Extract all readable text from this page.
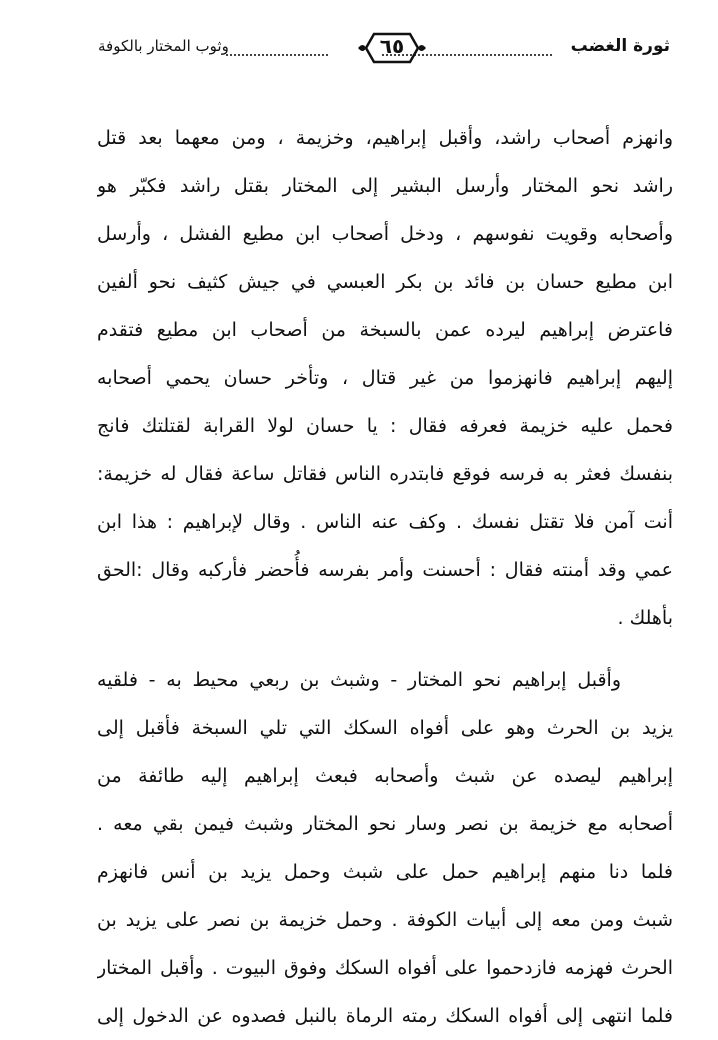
ثورة الغضب
٦٥
وثوب المختار بالكوفة
وانهزم أصحاب راشد، وأقبل إبراهيم، وخزيمة ، ومن معهما بعد قتل
راشد نحو المختار وأرسل البشير إلى المختار بقتل راشد فكبّر هو
وأصحابه وقويت نفوسهم ، ودخل أصحاب ابن مطيع الفشل ، وأرسل
ابن مطيع حسان بن فائد بن بكر العبسي في جيش كثيف نحو ألفين
فاعترض إبراهيم ليرده عمن بالسبخة من أصحاب ابن مطيع فتقدم
إليهم إبراهيم فانهزموا من غير قتال ، وتأخر حسان يحمي أصحابه
فحمل عليه خزيمة فعرفه فقال : يا حسان لولا القرابة لقتلتك فانج
بنفسك فعثر به فرسه فوقع فابتدره الناس فقاتل ساعة فقال له خزيمة:
أنت آمن فلا تقتل نفسك . وكف عنه الناس . وقال لإبراهيم : هذا ابن
عمي وقد أمنته فقال : أحسنت وأمر بفرسه فأُحضر فأركبه وقال :الحق
بأهلك .
وأقبل إبراهيم نحو المختار - وشبث بن ربعي محيط به - فلقيه
يزيد بن الحرث وهو على أفواه السكك التي تلي السبخة فأقبل إلى
إبراهيم ليصده عن شبث وأصحابه فبعث إبراهيم إليه طائفة من
أصحابه مع خزيمة بن نصر وسار نحو المختار وشبث فيمن بقي معه .
فلما دنا منهم إبراهيم حمل على شبث وحمل يزيد بن أنس فانهزم
شبث ومن معه إلى أبيات الكوفة . وحمل خزيمة بن نصر على يزيد بن
الحرث فهزمه فازدحموا على أفواه السكك وفوق البيوت . وأقبل المختار
فلما انتهى إلى أفواه السكك رمته الرماة بالنبل فصدوه عن الدخول إلى
